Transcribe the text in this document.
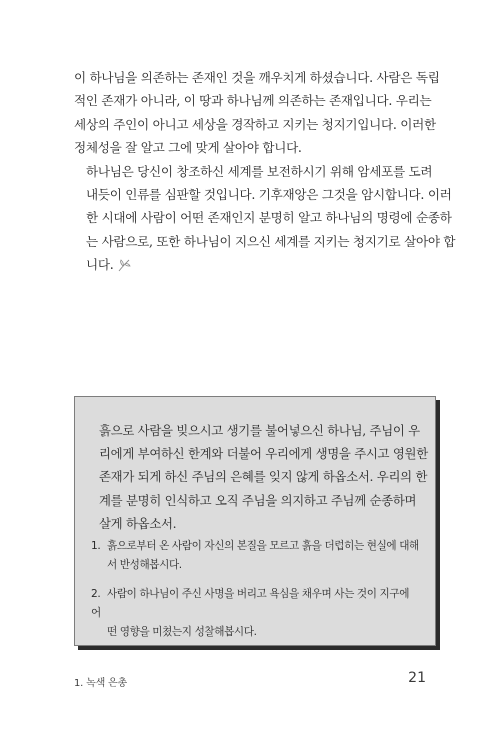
이 하나님을 의존하는 존재인 것을 깨우치게 하셨습니다. 사람은 독립
적인 존재가 아니라, 이 땅과 하나님께 의존하는 존재입니다. 우리는
세상의 주인이 아니고 세상을 경작하고 지키는 청지기입니다. 이러한
정체성을 잘 알고 그에 맞게 살아야 합니다.

하나님은 당신이 창조하신 세계를 보전하시기 위해 암세포를 도려
내듯이 인류를 심판할 것입니다. 기후재앙은 그것을 암시합니다. 이러
한 시대에 사람이 어떤 존재인지 분명히 알고 하나님의 명령에 순종하
는 사람으로, 또한 하나님이 지으신 세계를 지키는 청지기로 살아야 합
니다.

흙으로 사람을 빚으시고 생기를 불어넣으신 하나님, 주님이 우
리에게 부여하신 한계와 더불어 우리에게 생명을 주시고 영원한
존재가 되게 하신 주님의 은혜를 잊지 않게 하옵소서. 우리의 한
계를 분명히 인식하고 오직 주님을 의지하고 주님께 순종하며
살게 하옵소서.

1. 흙으로부터 온 사람이 자신의 본질을 모르고 흙을 더럽히는 현실에 대해
서 반성해봅시다.

2. 사람이 하나님이 주신 사명을 버리고 욕심을 채우며 사는 것이 지구에 어
떤 영향을 미쳤는지 성찰해봅시다.

1. 녹색 은총	21
